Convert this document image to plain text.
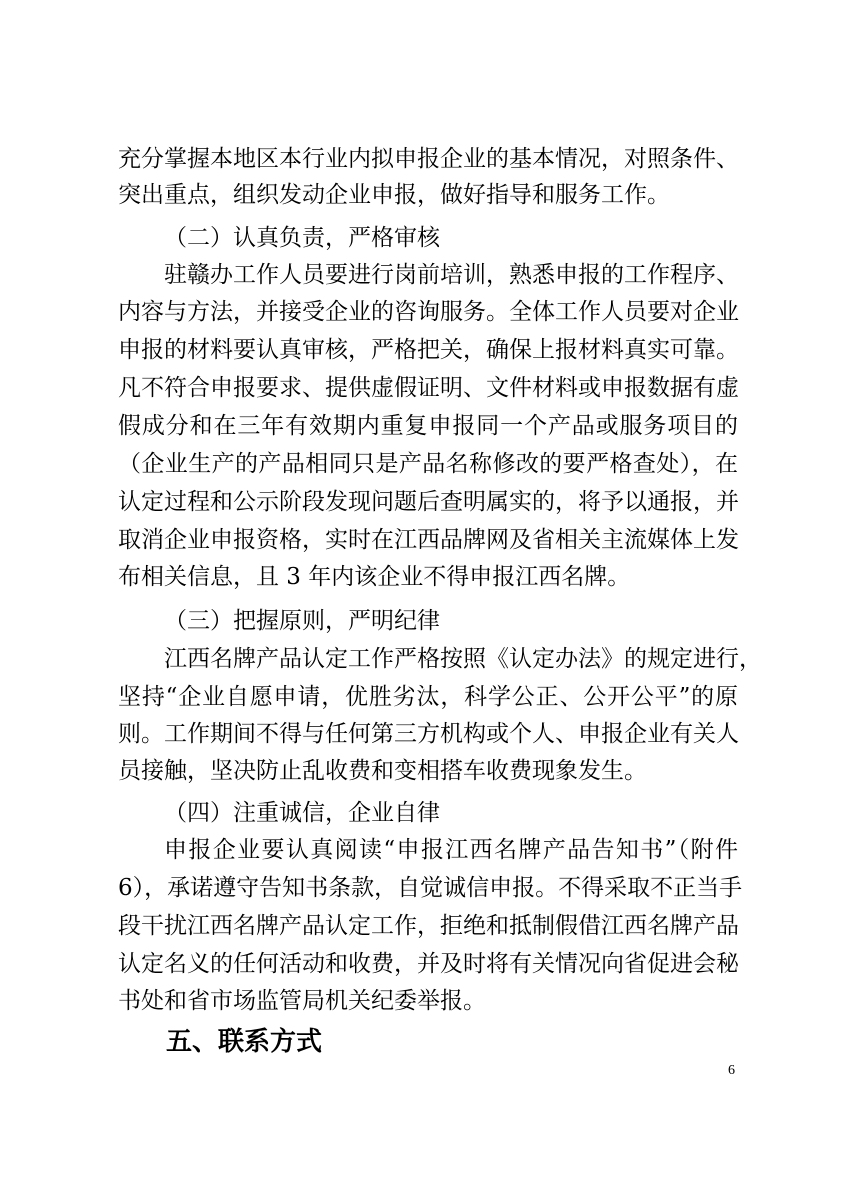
充分掌握本地区本行业内拟申报企业的基本情况，对照条件、
突出重点，组织发动企业申报，做好指导和服务工作。
（二）认真负责，严格审核
驻赣办工作人员要进行岗前培训，熟悉申报的工作程序、
内容与方法，并接受企业的咨询服务。全体工作人员要对企业
申报的材料要认真审核，严格把关，确保上报材料真实可靠。
凡不符合申报要求、提供虚假证明、文件材料或申报数据有虚
假成分和在三年有效期内重复申报同一个产品或服务项目的
（企业生产的产品相同只是产品名称修改的要严格查处），在
认定过程和公示阶段发现问题后查明属实的，将予以通报，并
取消企业申报资格，实时在江西品牌网及省相关主流媒体上发
布相关信息，且 3 年内该企业不得申报江西名牌。
（三）把握原则，严明纪律
江西名牌产品认定工作严格按照《认定办法》的规定进行，
坚持“企业自愿申请，优胜劣汰，科学公正、公开公平”的原
则。工作期间不得与任何第三方机构或个人、申报企业有关人
员接触，坚决防止乱收费和变相搭车收费现象发生。
（四）注重诚信，企业自律
申报企业要认真阅读“申报江西名牌产品告知书”（附件
6），承诺遵守告知书条款，自觉诚信申报。不得采取不正当手
段干扰江西名牌产品认定工作，拒绝和抵制假借江西名牌产品
认定名义的任何活动和收费，并及时将有关情况向省促进会秘
书处和省市场监管局机关纪委举报。
五、联系方式
6
